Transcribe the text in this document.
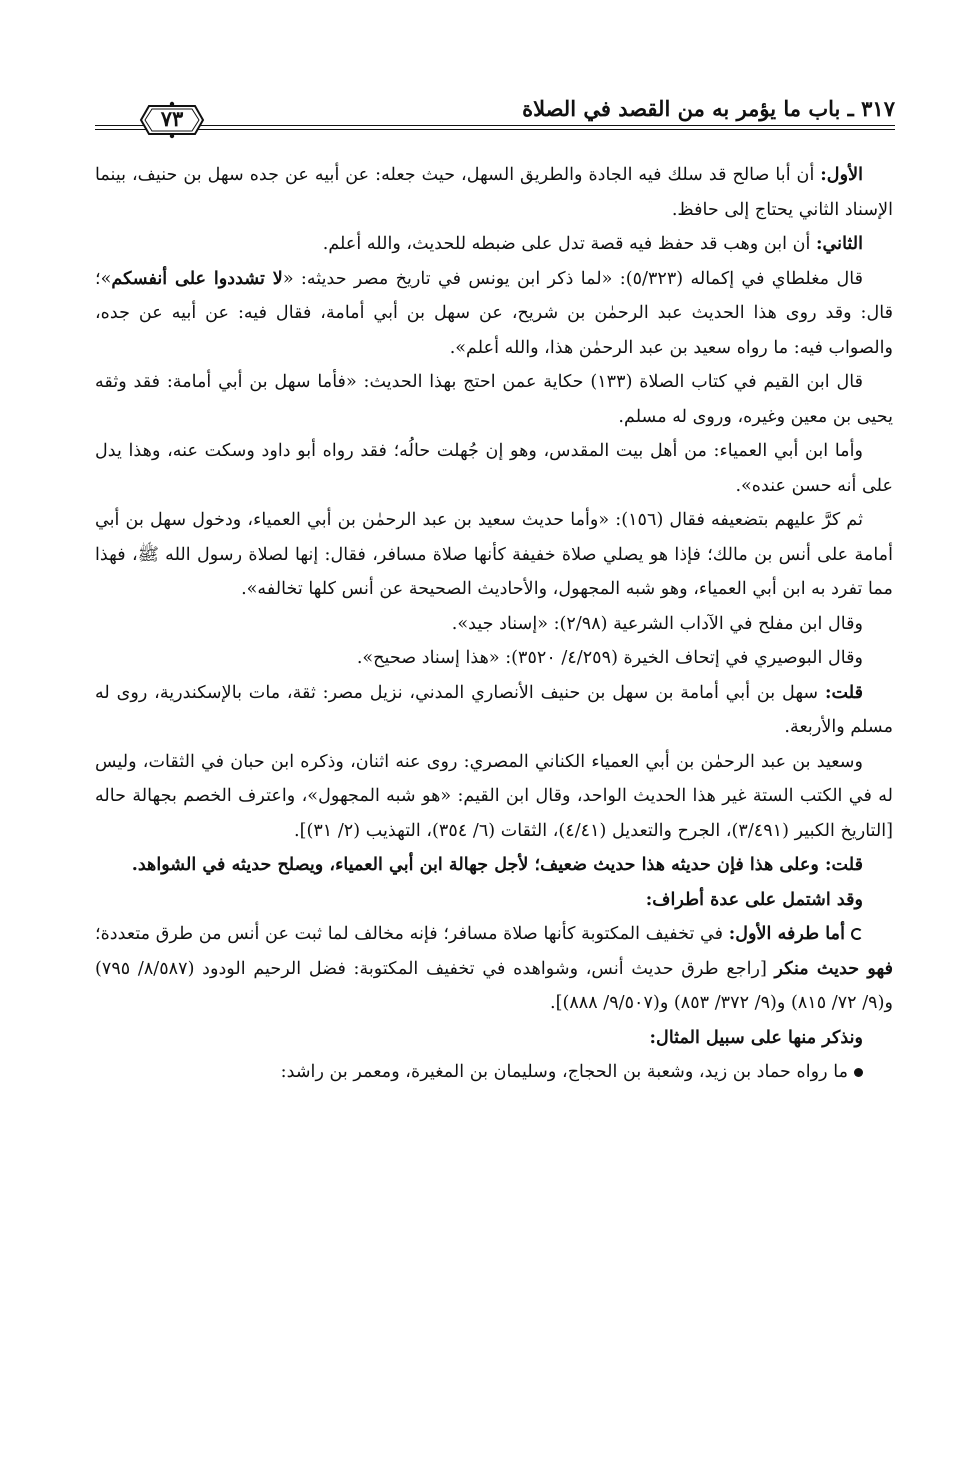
٣١٧ ـ باب ما يؤمر به من القصد في الصلاة
٧٣

الأول: أن أبا صالح قد سلك فيه الجادة والطريق السهل، حيث جعله: عن أبيه عن جده سهل بن حنيف، بينما الإسناد الثاني يحتاج إلى حافظ.

الثاني: أن ابن وهب قد حفظ فيه قصة تدل على ضبطه للحديث، والله أعلم.

قال مغلطاي في إكماله (٥/٣٢٣): «لما ذكر ابن يونس في تاريخ مصر حديثه: «لا تشددوا على أنفسكم»؛ قال: وقد روى هذا الحديث عبد الرحمٰن بن شريح، عن سهل بن أبي أمامة، فقال فيه: عن أبيه عن جده، والصواب فيه: ما رواه سعيد بن عبد الرحمٰن هذا، والله أعلم».

قال ابن القيم في كتاب الصلاة (١٣٣) حكاية عمن احتج بهذا الحديث: «فأما سهل بن أبي أمامة: فقد وثقه يحيى بن معين وغيره، وروى له مسلم.

وأما ابن أبي العمياء: من أهل بيت المقدس، وهو إن جُهلت حالُه؛ فقد رواه أبو داود وسكت عنه، وهذا يدل على أنه حسن عنده».

ثم كرَّ عليهم بتضعيفه فقال (١٥٦): «وأما حديث سعيد بن عبد الرحمٰن بن أبي العمياء، ودخول سهل بن أبي أمامة على أنس بن مالك؛ فإذا هو يصلي صلاة خفيفة كأنها صلاة مسافر، فقال: إنها لصلاة رسول الله ﷺ، فهذا مما تفرد به ابن أبي العمياء، وهو شبه المجهول، والأحاديث الصحيحة عن أنس كلها تخالفه».

وقال ابن مفلح في الآداب الشرعية (٢/٩٨): «إسناد جيد».

وقال البوصيري في إتحاف الخيرة (٤/٢٥٩/ ٣٥٢٠): «هذا إسناد صحيح».

قلت: سهل بن أبي أمامة بن سهل بن حنيف الأنصاري المدني، نزيل مصر: ثقة، مات بالإسكندرية، روى له مسلم والأربعة.

وسعيد بن عبد الرحمٰن بن أبي العمياء الكناني المصري: روى عنه اثنان، وذكره ابن حبان في الثقات، وليس له في الكتب الستة غير هذا الحديث الواحد، وقال ابن القيم: «هو شبه المجهول»، واعترف الخصم بجهالة حاله [التاريخ الكبير (٣/٤٩١)، الجرح والتعديل (٤/٤١)، الثقات (٦/ ٣٥٤)، التهذيب (٢/ ٣١)].

قلت: وعلى هذا فإن حديثه هذا حديث ضعيف؛ لأجل جهالة ابن أبي العمياء، ويصلح حديثه في الشواهد.

وقد اشتمل على عدة أطراف:

أما طرفه الأول: في تخفيف المكتوبة كأنها صلاة مسافر؛ فإنه مخالف لما ثبت عن أنس من طرق متعددة؛ فهو حديث منكر [راجع طرق حديث أنس، وشواهده في تخفيف المكتوبة: فضل الرحيم الودود (٨/٥٨٧/ ٧٩٥) و(٩/ ٧٢/ ٨١٥) و(٩/ ٣٧٢/ ٨٥٣) و(٩/٥٠٧/ ٨٨٨)].

ونذكر منها على سبيل المثال:

ما رواه حماد بن زيد، وشعبة بن الحجاج، وسليمان بن المغيرة، ومعمر بن راشد:
